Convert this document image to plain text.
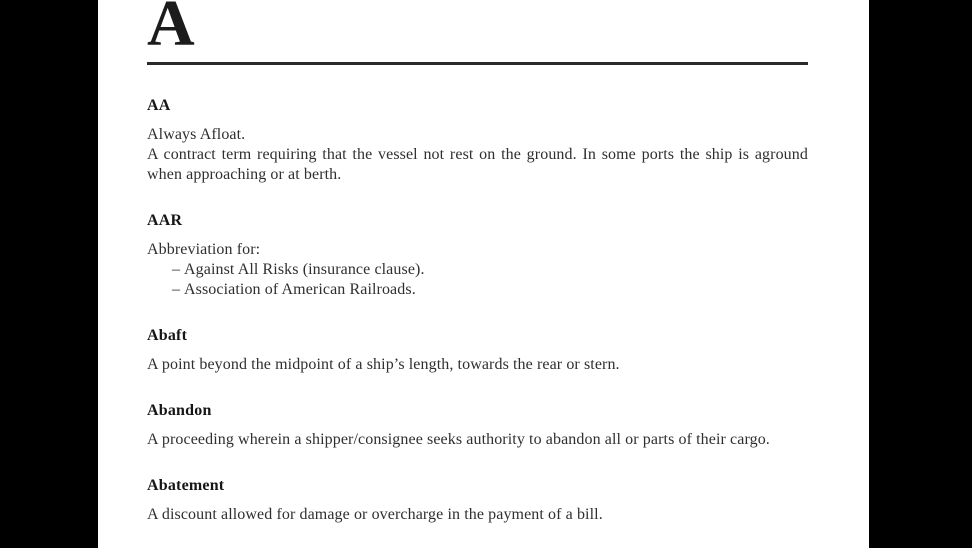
A
AA

Always Afloat.

A contract term requiring that the vessel not rest on the ground. In some ports the ship is aground when approaching or at berth.

AAR

Abbreviation for:

– Against All Risks (insurance clause).
– Association of American Railroads.
Abaft

A point beyond the midpoint of a ship’s length, towards the rear or stern.

Abandon

A proceeding wherein a shipper/consignee seeks authority to abandon all or parts of their cargo.

Abatement

A discount allowed for damage or overcharge in the payment of a bill.
